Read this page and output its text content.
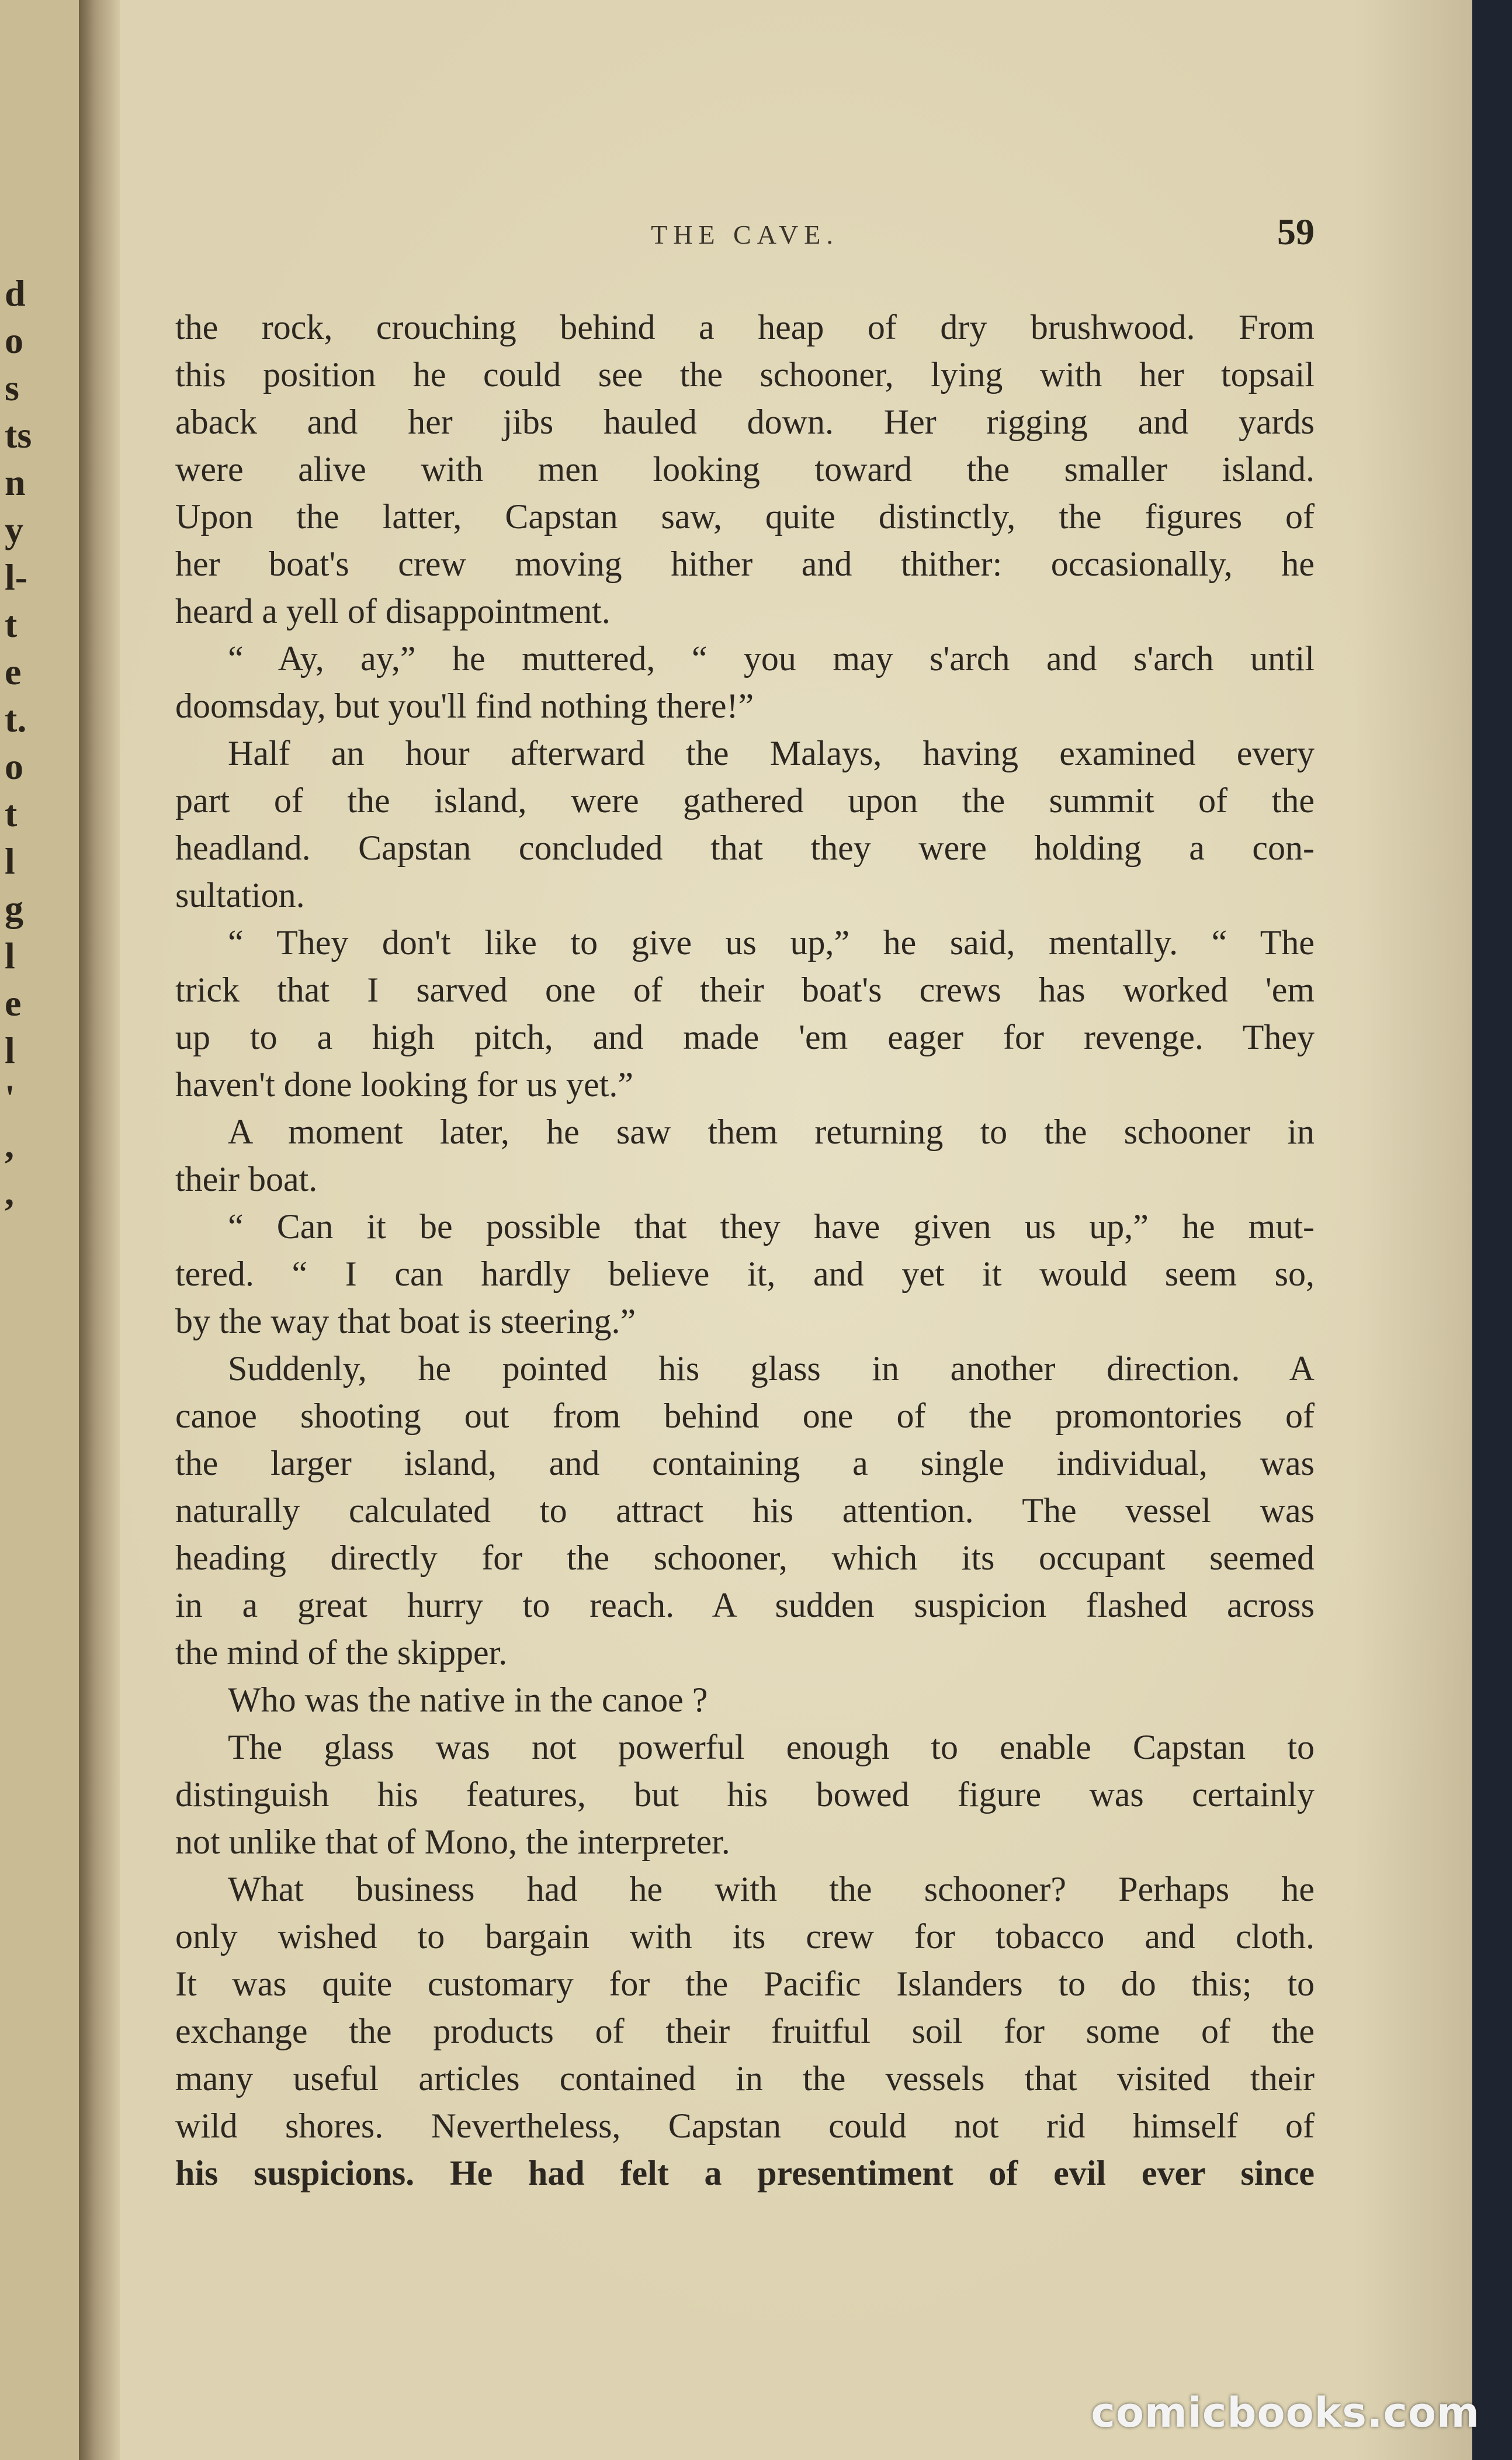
d
o
s
ts
n
y
l-
t
e
t.
o
t
l
g
l
e
l
'
,
,
THE CAVE.	59
the rock, crouching behind a heap of dry brushwood. From
this position he could see the schooner, lying with her topsail
aback and her jibs hauled down. Her rigging and yards
were alive with men looking toward the smaller island.
Upon the latter, Capstan saw, quite distinctly, the figures of
her boat's crew moving hither and thither: occasionally, he
heard a yell of disappointment.
“ Ay, ay,” he muttered, “ you may s'arch and s'arch until
doomsday, but you'll find nothing there!”
Half an hour afterward the Malays, having examined every
part of the island, were gathered upon the summit of the
headland. Capstan concluded that they were holding a con-
sultation.
“ They don't like to give us up,” he said, mentally. “ The
trick that I sarved one of their boat's crews has worked 'em
up to a high pitch, and made 'em eager for revenge. They
haven't done looking for us yet.”
A moment later, he saw them returning to the schooner in
their boat.
“ Can it be possible that they have given us up,” he mut-
tered. “ I can hardly believe it, and yet it would seem so,
by the way that boat is steering.”
Suddenly, he pointed his glass in another direction. A
canoe shooting out from behind one of the promontories of
the larger island, and containing a single individual, was
naturally calculated to attract his attention. The vessel was
heading directly for the schooner, which its occupant seemed
in a great hurry to reach. A sudden suspicion flashed across
the mind of the skipper.
Who was the native in the canoe ?
The glass was not powerful enough to enable Capstan to
distinguish his features, but his bowed figure was certainly
not unlike that of Mono, the interpreter.
What business had he with the schooner? Perhaps he
only wished to bargain with its crew for tobacco and cloth.
It was quite customary for the Pacific Islanders to do this; to
exchange the products of their fruitful soil for some of the
many useful articles contained in the vessels that visited their
wild shores. Nevertheless, Capstan could not rid himself of
his suspicions. He had felt a presentiment of evil ever since
comicbooks.com
